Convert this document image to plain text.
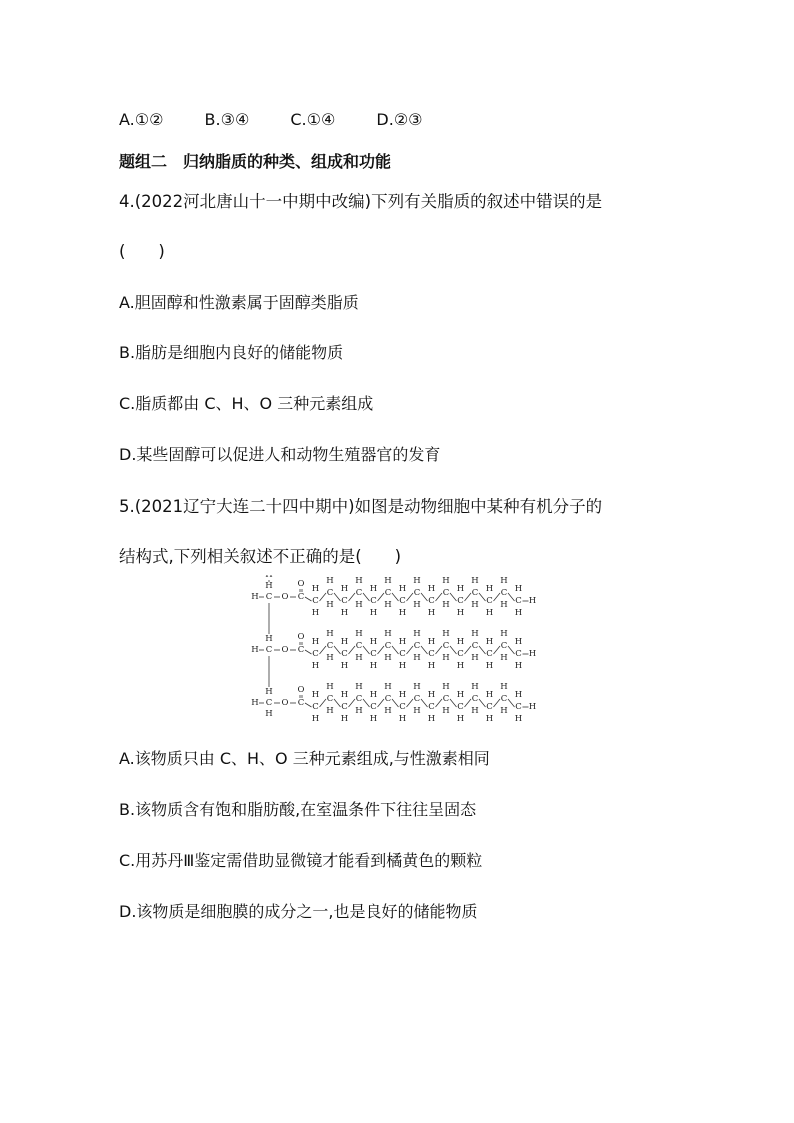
A.①②	B.③④	C.①④	D.②③
题组二　归纳脂质的种类、组成和功能
4.(2022河北唐山十一中期中改编)下列有关脂质的叙述中错误的是
(　　)
A.胆固醇和性激素属于固醇类脂质
B.脂肪是细胞内良好的储能物质
C.脂质都由 C、H、O 三种元素组成
D.某些固醇可以促进人和动物生殖器官的发育
5.(2021辽宁大连二十四中期中)如图是动物细胞中某种有机分子的
结构式,下列相关叙述不正确的是(　　)
H C
H
O C
O
C
H
H
C
H
H C
H
H
C
H
H C
H
H
C
H
H C
H
H
C
H
H C
H
H
C
H
H C
H
H
C
H
H C
H
H
C
H
H C
H
H
H
H C
H
O C
O
C
H
H
C
H
H C
H
H
C
H
H C
H
H
C
H
H C
H
H
C
H
H C
H
H
C
H
H C
H
H
C
H
H C
H
H
C
H
H C
H
H
H
H C
H
H
O C
O
C
H
H
C
H
H C
H
H
C
H
H C
H
H
C
H
H C
H
H
C
H
H C
H
H
C
H
H C
H
H
C
H
H C
H
H
C
H
H C
H
H
H
H
A.该物质只由 C、H、O 三种元素组成,与性激素相同
B.该物质含有饱和脂肪酸,在室温条件下往往呈固态
C.用苏丹Ⅲ鉴定需借助显微镜才能看到橘黄色的颗粒
D.该物质是细胞膜的成分之一,也是良好的储能物质
